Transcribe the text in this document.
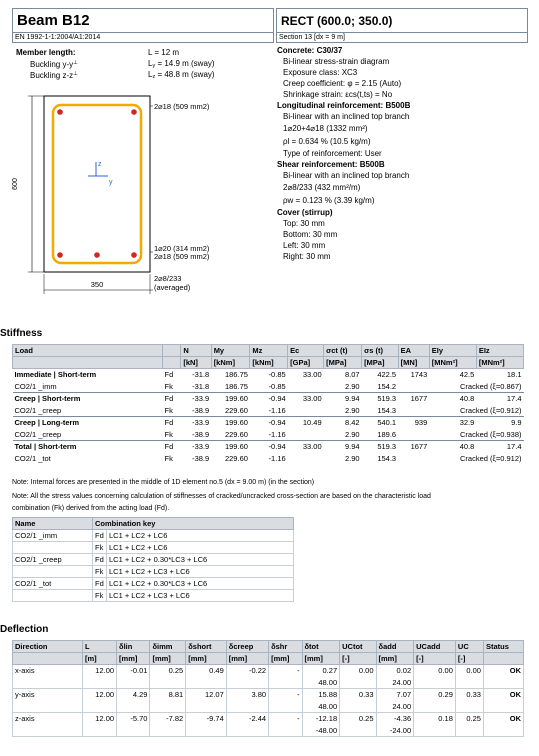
Beam B12	RECT (600.0; 350.0)
EN 1992-1-1:2004/A1:2014	Section 13 [dx = 9 m]
Member length:	L = 12 m
Buckling y-y⊥	$L_y = 14.9$ m (sway)
Buckling z-z⊥	$L_z = 48.8$ m (sway)
z
y
600
350
2⌀18 (509 mm2)
1⌀20 (314 mm2)
2⌀18 (509 mm2)
2⌀8/233
(averaged)
Concrete: C30/37
Bi-linear stress-strain diagram
Exposure class: XC3
Creep coefficient: φ = 2.15 (Auto)
Shrinkage strain: εcs(t,ts) = No
Longitudinal reinforcement: B500B
Bi-linear with an inclined top branch
1⌀20+4⌀18 (1332 mm²)
ρl = 0.634 % (10.5 kg/m)
Type of reinforcement: User
Shear reinforcement: B500B
Bi-linear with an inclined top branch
2⌀8/233 (432 mm²/m)
ρw = 0.123 % (3.39 kg/m)
Cover (stirrup)
Top: 30 mm
Bottom: 30 mm
Left: 30 mm
Right: 30 mm
Stiffness
Load		N	My	Mz	Ec	σct (t)	σs (t)	EA	EIy	EIz
		[kN]	[kNm]	[kNm]	[GPa]	[MPa]	[MPa]	[MN]	[MNm²]	[MNm²]
Immediate | Short-term	Fd	-31.8	186.75	-0.85	33.00	8.07	422.5	1743	42.5	18.1
CO2/1 _imm	Fk	-31.8	186.75	-0.85		2.90	154.2		Cracked (ξ=0.867)	
Creep | Short-term	Fd	-33.9	199.60	-0.94	33.00	9.94	519.3	1677	40.8	17.4
CO2/1 _creep	Fk	-38.9	229.60	-1.16		2.90	154.3		Cracked (ξ=0.912)	
Creep | Long-term	Fd	-33.9	199.60	-0.94	10.49	8.42	540.1	939	32.9	9.9
CO2/1 _creep	Fk	-38.9	229.60	-1.16		2.90	189.6		Cracked (ξ=0.938)	
Total | Short-term	Fd	-33.9	199.60	-0.94	33.00	9.94	519.3	1677	40.8	17.4
CO2/1 _tot	Fk	-38.9	229.60	-1.16		2.90	154.3		Cracked (ξ=0.912)	
Note: Internal forces are presented in the middle of 1D element no.5 (dx = 9.00 m) (in the section)
Note: All the stress values concerning calculation of stiffnesses of cracked/uncracked cross-section are based on the characteristic load
combination (Fk) derived from the acting load (Fd).
Name	Combination key	
CO2/1 _imm	Fd	LC1 + LC2 + LC6
	Fk	LC1 + LC2 + LC6
CO2/1 _creep	Fd	LC1 + LC2 + 0.30*LC3 + LC6
	Fk	LC1 + LC2 + LC3 + LC6
CO2/1 _tot	Fd	LC1 + LC2 + 0.30*LC3 + LC6
	Fk	LC1 + LC2 + LC3 + LC6
Deflection
Direction	L	δlin	δimm	δshort	δcreep	δshr	δtot	UCtot	δadd	UCadd	UC	Status
	[m]	[mm]	[mm]	[mm]	[mm]	[mm]	[mm]	[-]	[mm]	[-]	[-]	
x-axis	12.00	-0.01	0.25	0.49	-0.22	-	0.27	0.00	0.02	0.00	0.00	OK
							48.00		24.00			
y-axis	12.00	4.29	8.81	12.07	3.80	-	15.88	0.33	7.07	0.29	0.33	OK
							48.00		24.00			
z-axis	12.00	-5.70	-7.82	-9.74	-2.44	-	-12.18	0.25	-4.36	0.18	0.25	OK
							-48.00		-24.00			
